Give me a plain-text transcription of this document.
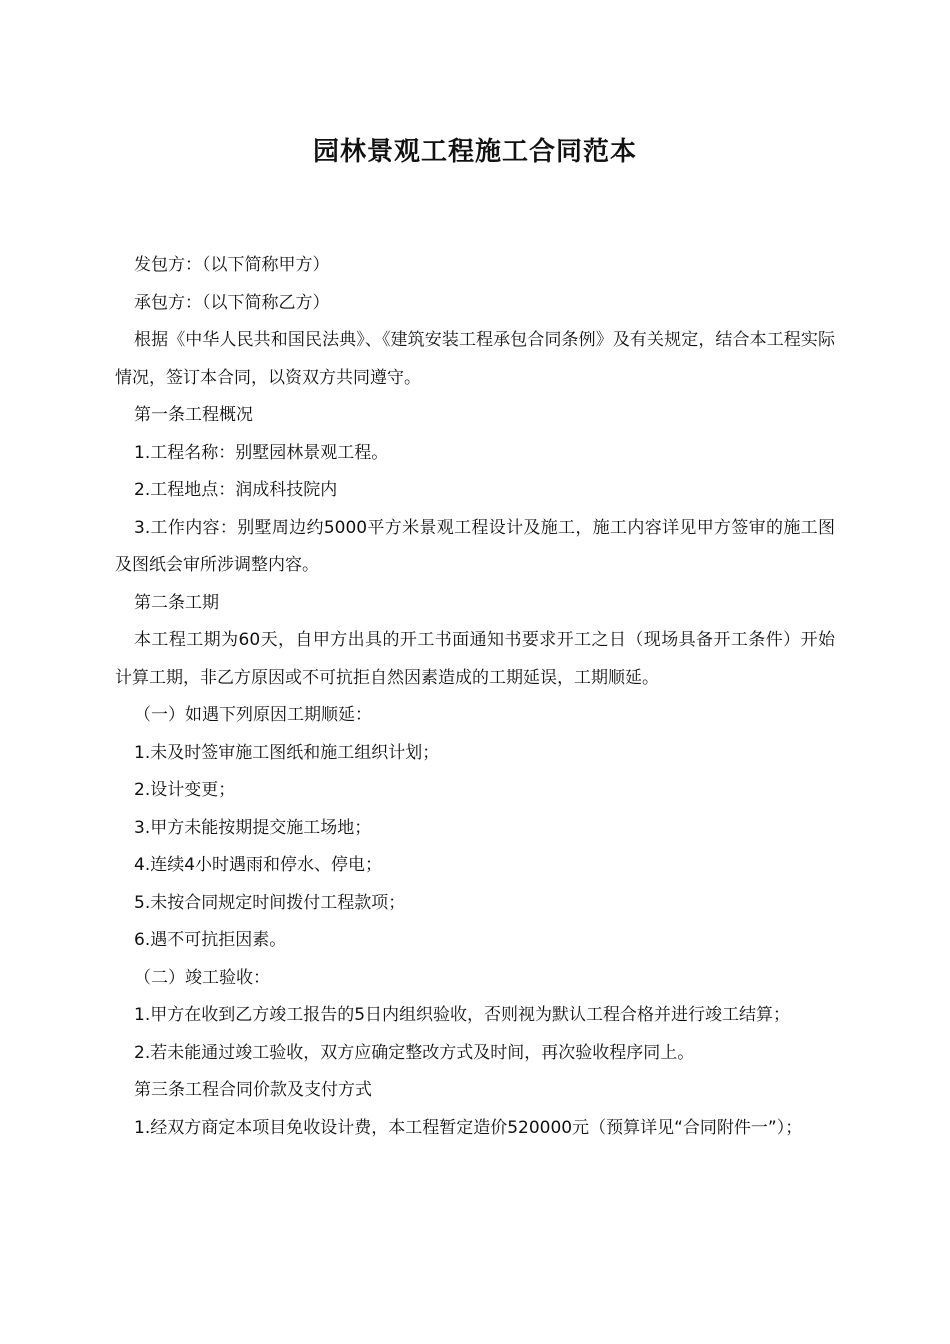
园林景观工程施工合同范本

发包方：（以下简称甲方）

承包方：（以下简称乙方）

根据《中华人民共和国民法典》、《建筑安装工程承包合同条例》及有关规定，结合本工程实际情况，签订本合同，以资双方共同遵守。

第一条工程概况

1.工程名称：别墅园林景观工程。

2.工程地点：润成科技院内

3.工作内容：别墅周边约5000平方米景观工程设计及施工，施工内容详见甲方签审的施工图及图纸会审所涉调整内容。

第二条工期

本工程工期为60天，自甲方出具的开工书面通知书要求开工之日（现场具备开工条件）开始计算工期，非乙方原因或不可抗拒自然因素造成的工期延误，工期顺延。

（一）如遇下列原因工期顺延：

1.未及时签审施工图纸和施工组织计划；

2.设计变更；

3.甲方未能按期提交施工场地；

4.连续4小时遇雨和停水、停电；

5.未按合同规定时间拨付工程款项；

6.遇不可抗拒因素。

（二）竣工验收：

1.甲方在收到乙方竣工报告的5日内组织验收，否则视为默认工程合格并进行竣工结算；

2.若未能通过竣工验收，双方应确定整改方式及时间，再次验收程序同上。

第三条工程合同价款及支付方式

1.经双方商定本项目免收设计费，本工程暂定造价520000元（预算详见“合同附件一”）；
